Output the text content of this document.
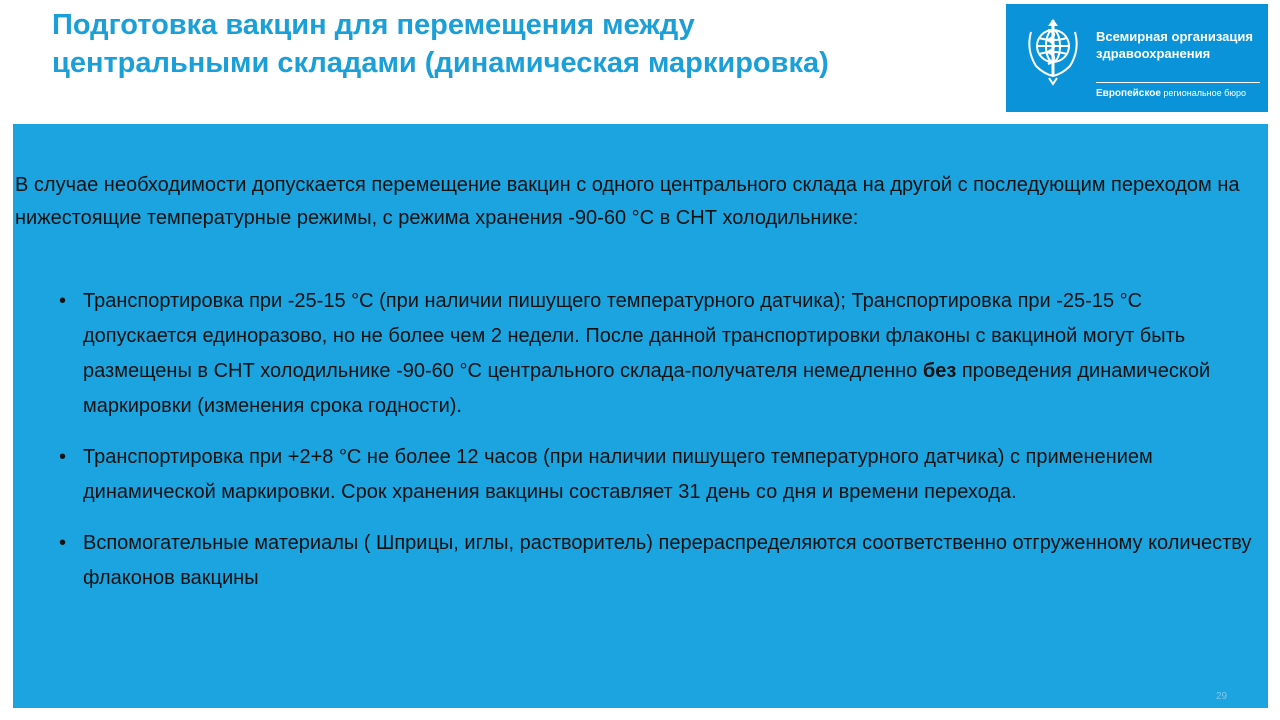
Подготовка вакцин для перемещения между центральными складами (динамическая маркировка)
Всемирная организация
здравоохранения
Европейское региональное бюро

В случае необходимости допускается перемещение вакцин с одного центрального склада на другой с последующим переходом на нижестоящие температурные режимы, с режима хранения -90-60 °С в СНТ холодильнике:

• Транспортировка при -25-15 °С (при наличии пишущего температурного датчика); Транспортировка при -25-15 °С допускается единоразово, но не более чем 2 недели. После данной транспортировки флаконы с вакциной могут быть размещены в СНТ холодильнике -90-60 °С центрального склада-получателя немедленно без проведения динамической маркировки (изменения срока годности).
• Транспортировка при +2+8 °С не более 12 часов (при наличии пишущего температурного датчика) с применением динамической маркировки. Срок хранения вакцины составляет 31 день со дня и времени перехода.
• Вспомогательные материалы ( Шприцы, иглы, растворитель) перераспределяются соответственно отгруженному количеству флаконов вакцины
29
